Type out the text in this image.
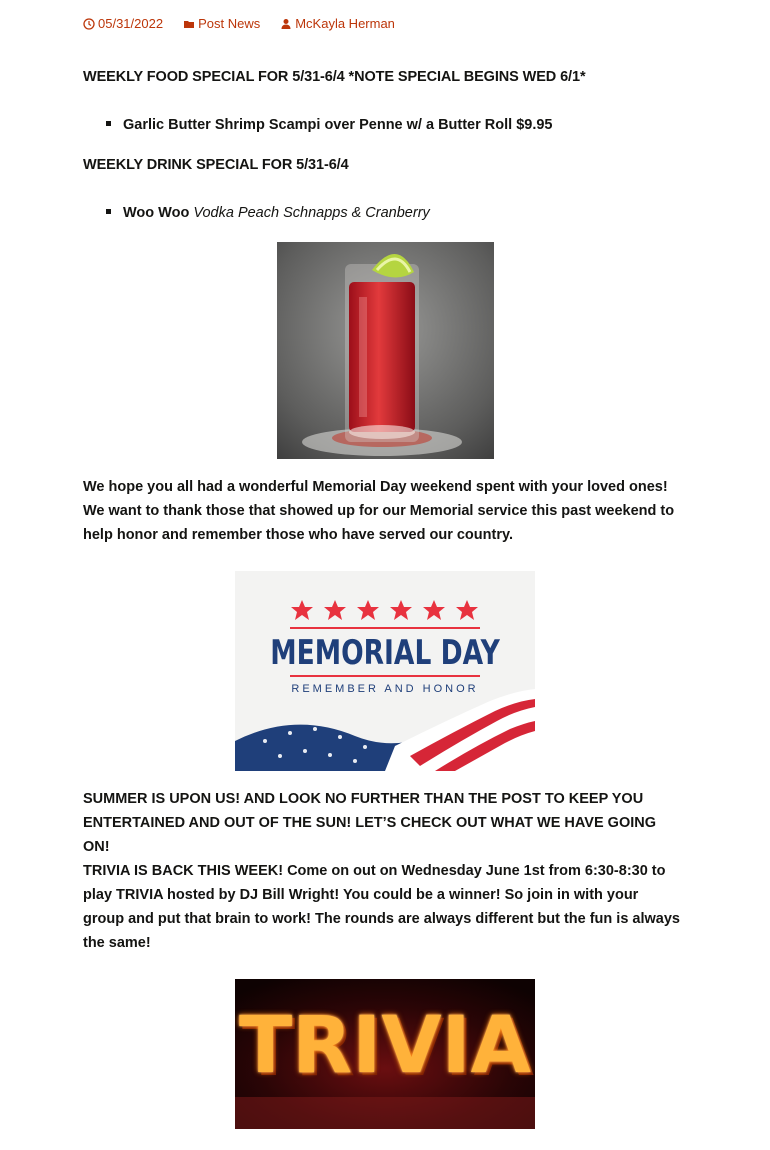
05/31/2022	Post News	McKayla Herman
WEEKLY FOOD SPECIAL FOR 5/31-6/4 *NOTE SPECIAL BEGINS WED 6/1*
Garlic Butter Shrimp Scampi over Penne w/ a Butter Roll $9.95
WEEKLY DRINK SPECIAL FOR 5/31-6/4
Woo Woo Vodka Peach Schnapps & Cranberry
We hope you all had a wonderful Memorial Day weekend spent with your loved ones! We want to thank those that showed up for our Memorial service this past weekend to help honor and remember those who have served our country.
MEMORIAL DAY
REMEMBER AND HONOR
SUMMER IS UPON US! AND LOOK NO FURTHER THAN THE POST TO KEEP YOU ENTERTAINED AND OUT OF THE SUN! LET’S CHECK OUT WHAT WE HAVE GOING ON!
TRIVIA IS BACK THIS WEEK! Come on out on Wednesday June 1st from 6:30-8:30 to play TRIVIA hosted by DJ Bill Wright! You could be a winner! So join in with your group and put that brain to work! The rounds are always different but the fun is always the same!
TRIVIA
